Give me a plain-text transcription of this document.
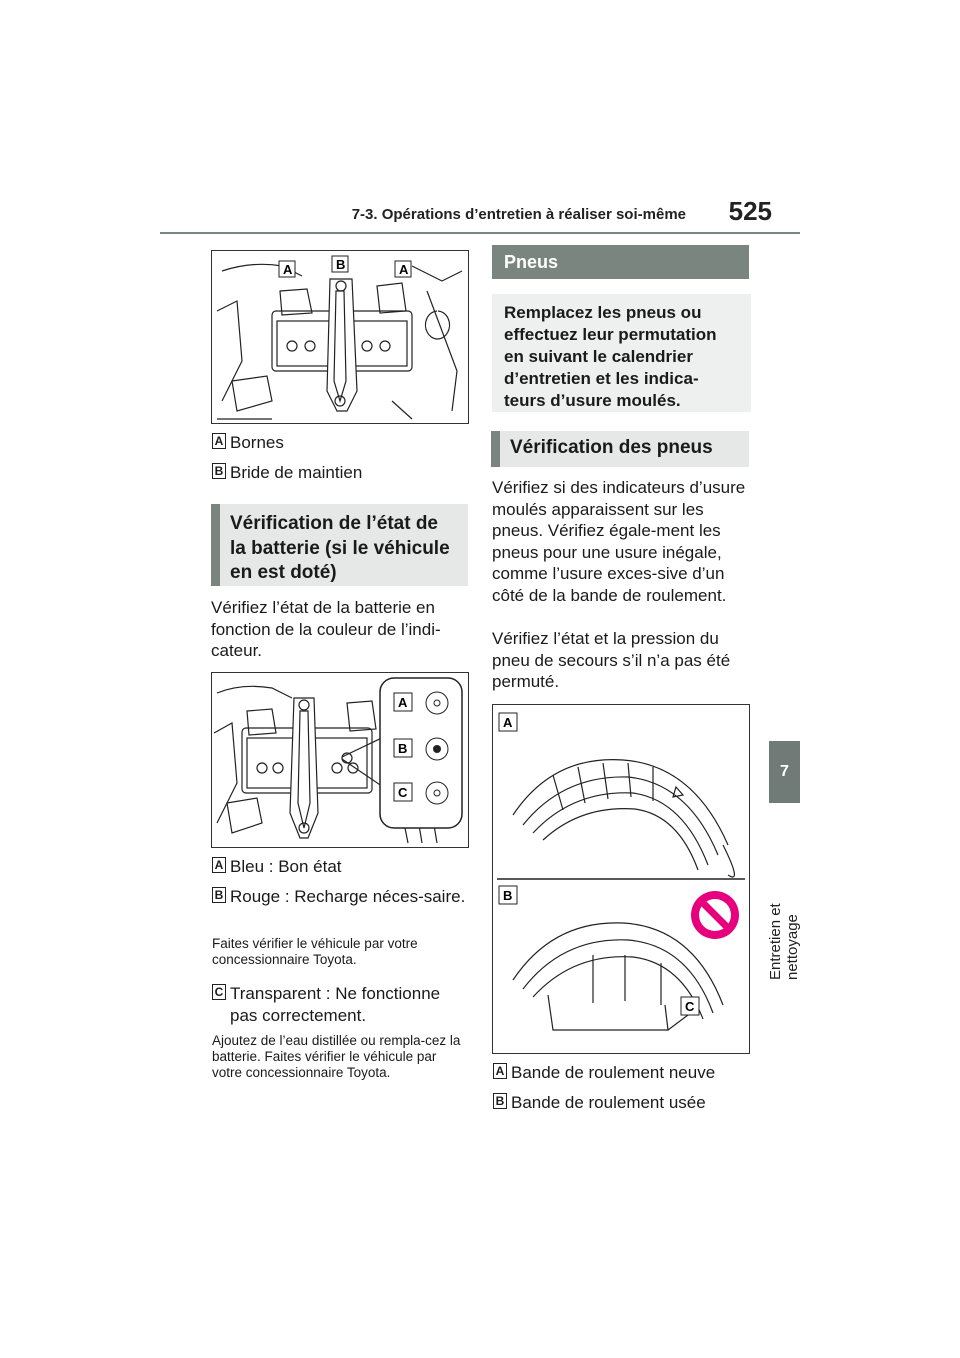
7-3. Opérations d’entretien à réaliser soi-même	525
7
Entretien et nettoyage
A	B	A
A Bornes
B Bride de maintien
Vérification de l’état de la batterie (si le véhicule en est doté)
Vérifiez l’état de la batterie en fonction de la couleur de l’indi-cateur.
A
B
C
A Bleu : Bon état
B Rouge : Recharge néces-saire.
Faites vérifier le véhicule par votre concessionnaire Toyota.
C Transparent : Ne fonctionne pas correctement.
Ajoutez de l’eau distillée ou rempla-cez la batterie. Faites vérifier le véhicule par votre concessionnaire Toyota.
Pneus
Remplacez les pneus ou effectuez leur permutation en suivant le calendrier d’entretien et les indica-teurs d’usure moulés.
Vérification des pneus
Vérifiez si des indicateurs d’usure moulés apparaissent sur les pneus. Vérifiez égale-ment les pneus pour une usure inégale, comme l’usure exces-sive d’un côté de la bande de roulement.
Vérifiez l’état et la pression du pneu de secours s’il n’a pas été permuté.
A
B
C
A Bande de roulement neuve
B Bande de roulement usée
